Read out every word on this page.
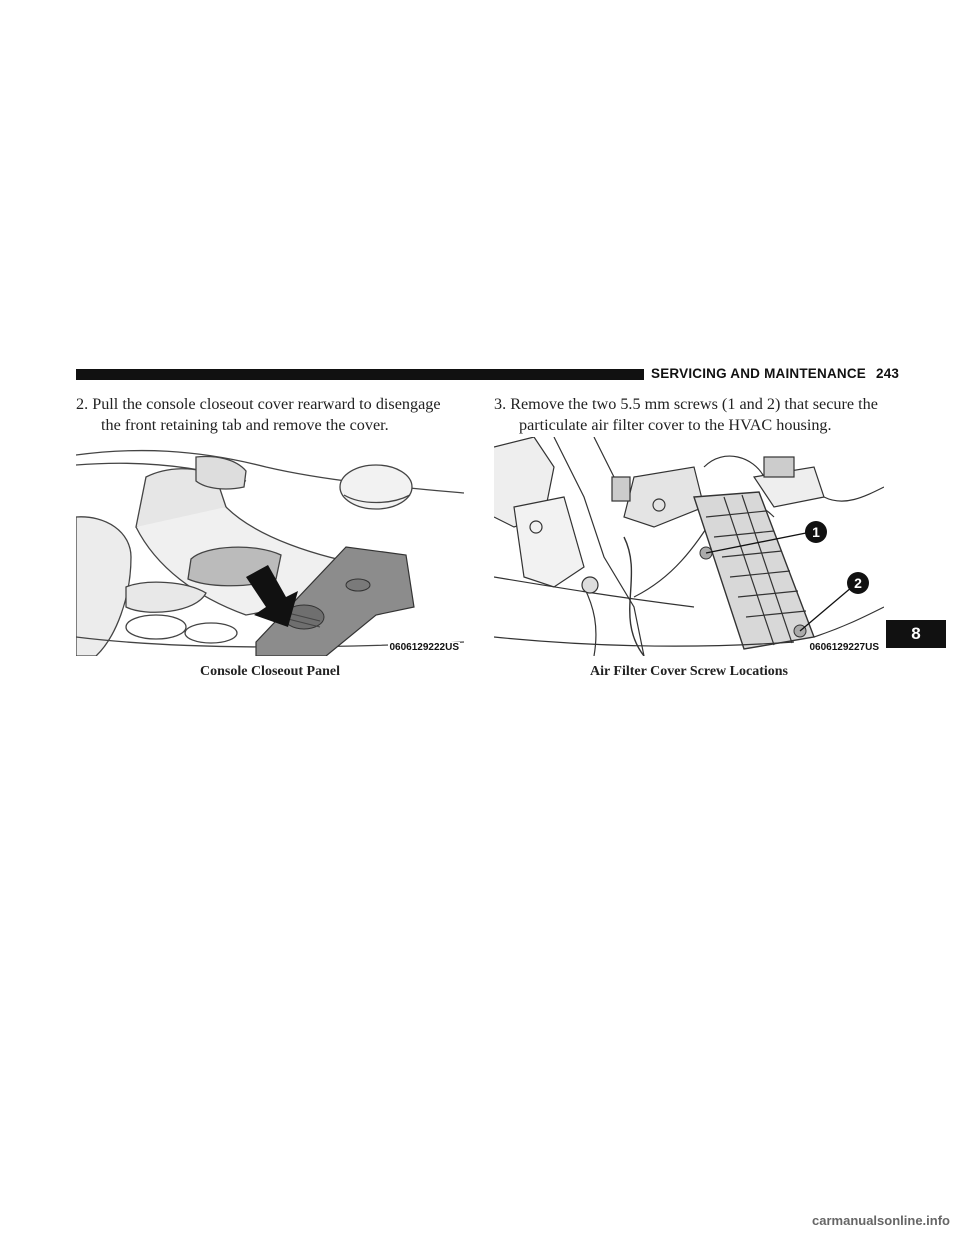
SERVICING AND MAINTENANCE 243
2. Pull the console closeout cover rearward to disengage
the front retaining tab and remove the cover.
3. Remove the two 5.5 mm screws (1 and 2) that secure the
particulate air filter cover to the HVAC housing.
0606129222US
1
2
0606129227US
Console Closeout Panel	Air Filter Cover Screw Locations
8
carmanualsonline.info
